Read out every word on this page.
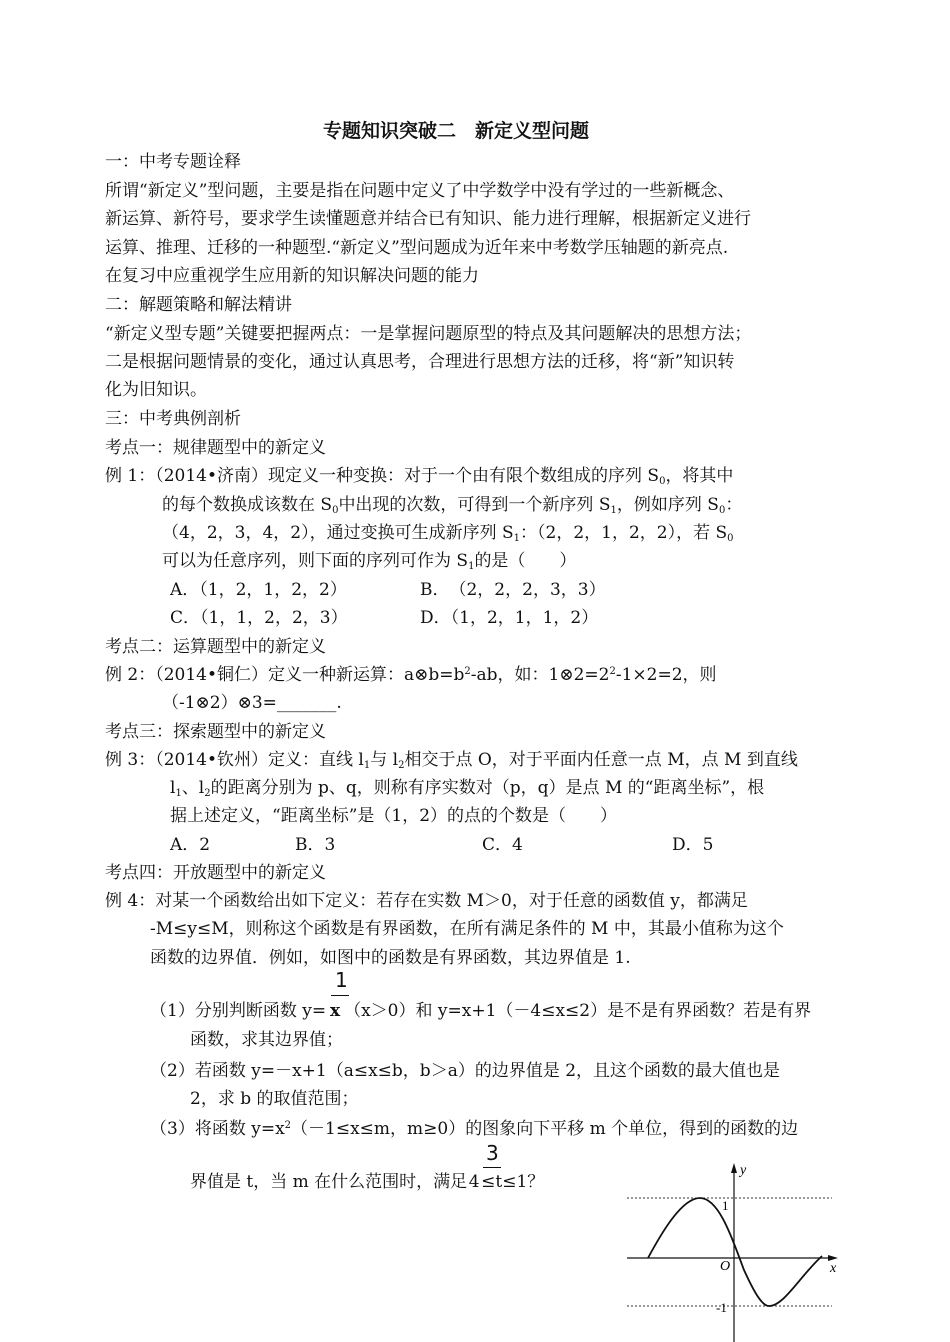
专题知识突破二　新定义型问题
一：中考专题诠释
所谓“新定义”型问题，主要是指在问题中定义了中学数学中没有学过的一些新概念、
新运算、新符号，要求学生读懂题意并结合已有知识、能力进行理解，根据新定义进行
运算、推理、迁移的一种题型.“新定义”型问题成为近年来中考数学压轴题的新亮点.
在复习中应重视学生应用新的知识解决问题的能力
二：解题策略和解法精讲
“新定义型专题”关键要把握两点：一是掌握问题原型的特点及其问题解决的思想方法；
二是根据问题情景的变化，通过认真思考，合理进行思想方法的迁移，将“新”知识转
化为旧知识。
三：中考典例剖析
考点一：规律题型中的新定义
例 1：（2014•济南）现定义一种变换：对于一个由有限个数组成的序列 S0，将其中
的每个数换成该数在 S0中出现的次数，可得到一个新序列 S1，例如序列 S0：
（4，2，3，4，2），通过变换可生成新序列 S1：（2，2，1，2，2），若 S0
可以为任意序列，则下面的序列可作为 S1的是（　　）
A．（1，2，1，2，2）	B．　（2，2，2，3，3）
C．（1，1，2，2，3）	D．（1，2，1，1，2）
考点二：运算题型中的新定义
例 2：（2014•铜仁）定义一种新运算：$a\otimes b=b^2-ab$，如：$1\otimes 2=2^2-1\times 2=2$，则
（-1⊗2）⊗3=_______.
考点三：探索题型中的新定义
例 3：（2014•钦州）定义：直线 l1与 l2相交于点 O，对于平面内任意一点 M，点 M 到直线
l1、l2的距离分别为 p、q，则称有序实数对（p，q）是点 M 的“距离坐标”，根
据上述定义，“距离坐标”是（1，2）的点的个数是（　　）
A．2	B．3	C．4	D．5
考点四：开放题型中的新定义
例 4：对某一个函数给出如下定义：若存在实数 M＞0，对于任意的函数值 y，都满足
-M≤y≤M，则称这个函数是有界函数，在所有满足条件的 M 中，其最小值称为这个
函数的边界值．例如，如图中的函数是有界函数，其边界值是 1.
1
（1）分别判断函数 y= x （x＞0）和 y=x+1（－4≤x≤2）是不是有界函数？若是有界
函数，求其边界值；
（2）若函数 y=－x+1（a≤x≤b，b＞a）的边界值是 2，且这个函数的最大值也是
2，求 b 的取值范围；
（3）将函数 $y=x^2(-1\le x\le m$，m≥0）的图象向下平移 m 个单位，得到的函数的边
3
界值是 t，当 m 在什么范围时，满足4≤t≤1？
y
x
O
1
-1
